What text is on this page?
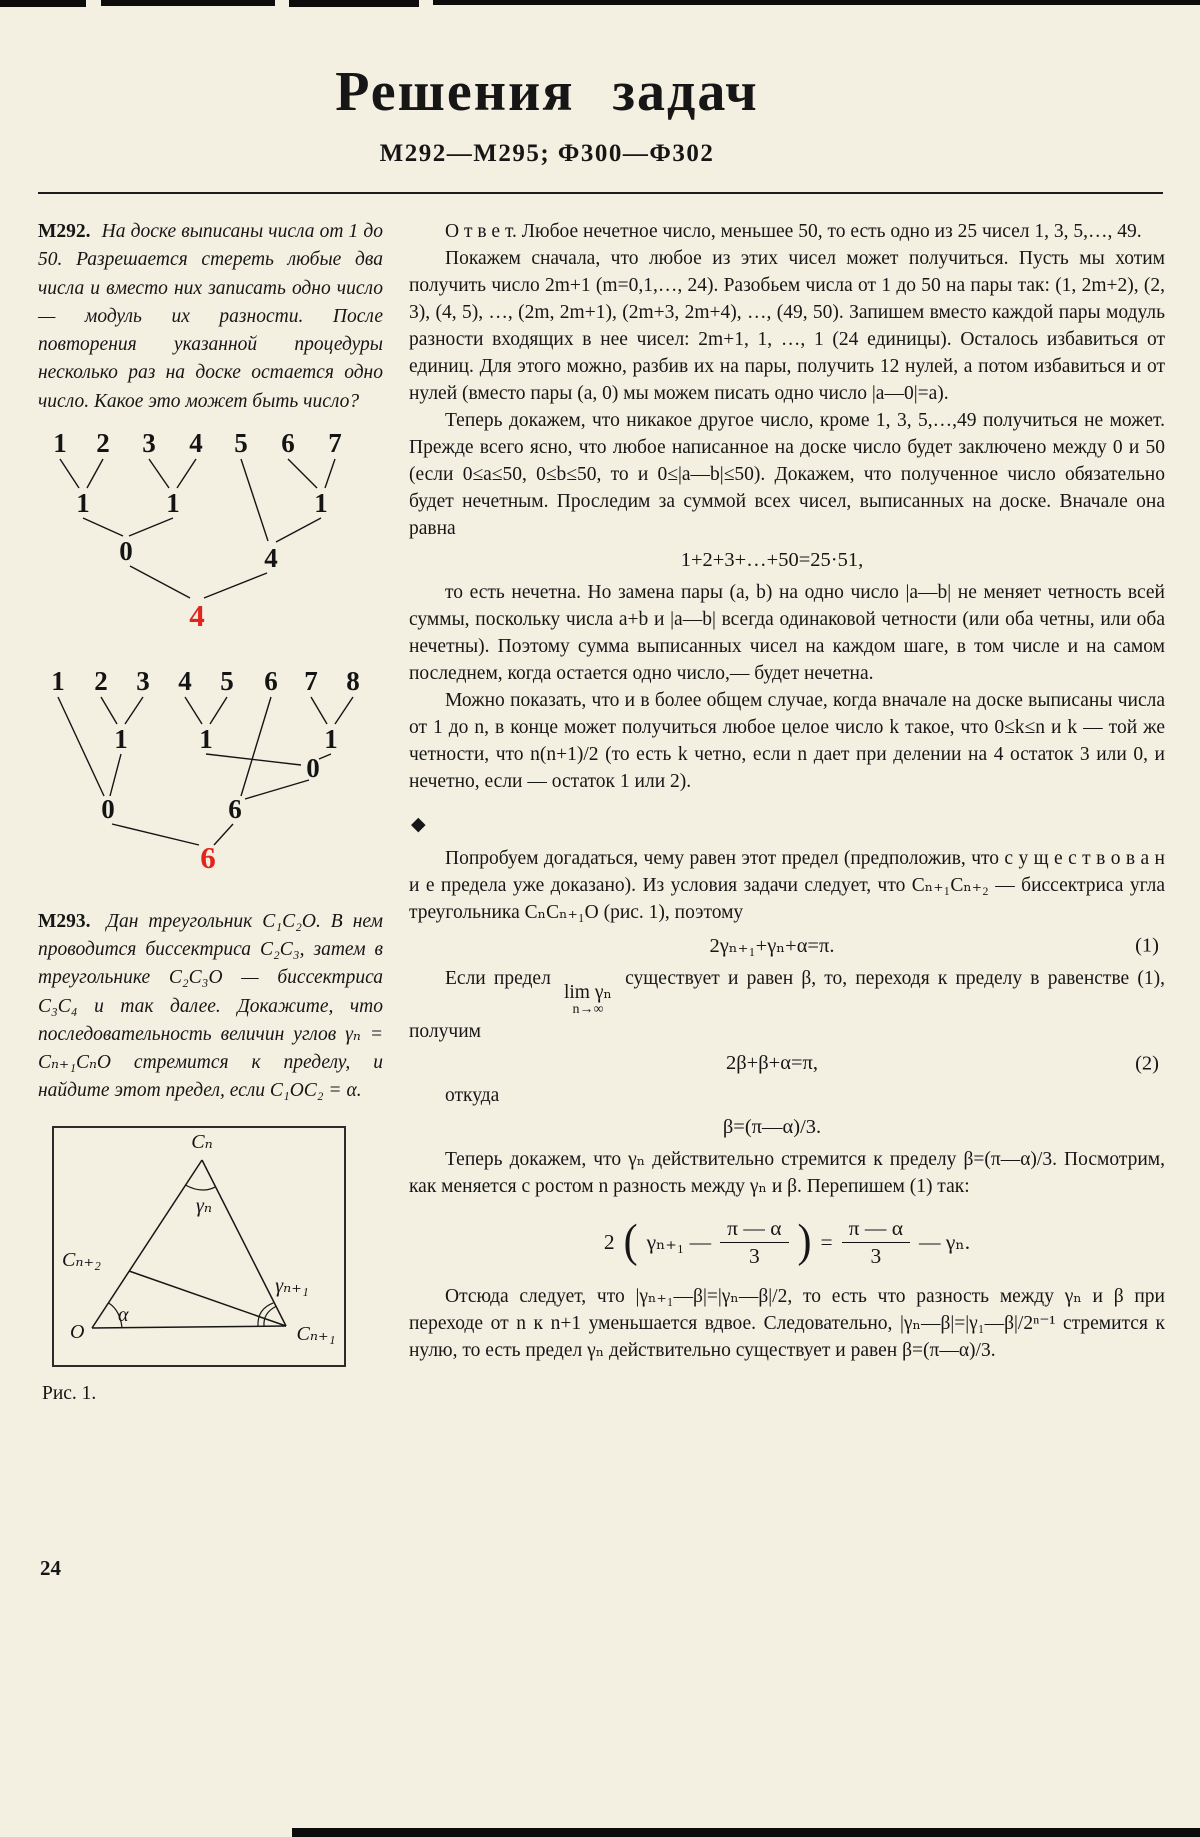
Решения задач
М292—М295; Ф300—Ф302

М292. На доске выписаны числа от 1 до 50. Разрешается стереть любые два числа и вместо них записать одно число — модуль их разности. После повторения указанной процедуры несколько раз на доске остается одно число. Какое это может быть число?

1 2 3 4 5 6 7
1	1	1
0	4
4
1 2 3 4 5 6 7 8
1	1	1
0
0	6
6

М293. Дан треугольник C₁C₂O. В нем проводится биссектриса C₂C₃, затем в треугольнике C₂C₃O — биссектриса C₃C₄ и так далее. Докажите, что последовательность величин углов γₙ = Cₙ₊₁CₙO стремится к пределу, и найдите этот предел, если C₁OC₂ = α.

Cₙ
Cₙ₊₂
O	Cₙ₊₁
γₙ
α
γₙ₊₁
Рис. 1.

О т в е т. Любое нечетное число, меньшее 50, то есть одно из 25 чисел 1, 3, 5,…, 49.

Покажем сначала, что любое из этих чисел может получиться. Пусть мы хотим получить число 2m+1 (m=0,1,…, 24). Разобьем числа от 1 до 50 на пары так: (1, 2m+2), (2, 3), (4, 5), …, (2m, 2m+1), (2m+3, 2m+4), …, (49, 50). Запишем вместо каждой пары модуль разности входящих в нее чисел: 2m+1, 1, …, 1 (24 единицы). Осталось избавиться от единиц. Для этого можно, разбив их на пары, получить 12 нулей, а потом избавиться и от нулей (вместо пары (a, 0) мы можем писать одно число |a—0|=a).

Теперь докажем, что никакое другое число, кроме 1, 3, 5,…,49 получиться не может. Прежде всего ясно, что любое написанное на доске число будет заключено между 0 и 50 (если 0≤a≤50, 0≤b≤50, то и 0≤|a—b|≤50). Докажем, что полученное число обязательно будет нечетным. Проследим за суммой всех чисел, выписанных на доске. Вначале она равна

1+2+3+…+50=25·51,

то есть нечетна. Но замена пары (a, b) на одно число |a—b| не меняет четность всей суммы, поскольку числа a+b и |a—b| всегда одинаковой четности (или оба четны, или оба нечетны). Поэтому сумма выписанных чисел на каждом шаге, в том числе и на самом последнем, когда остается одно число,— будет нечетна.

Можно показать, что и в более общем случае, когда вначале на доске выписаны числа от 1 до n, в конце может получиться любое целое число k такое, что 0≤k≤n и k — той же четности, что n(n+1)/2 (то есть k четно, если n дает при делении на 4 остаток 3 или 0, и нечетно, если — остаток 1 или 2).

◆

Попробуем догадаться, чему равен этот предел (предположив, что с у щ е с т в о в а н и е предела уже доказано). Из условия задачи следует, что Cₙ₊₁Cₙ₊₂ — биссектриса угла треугольника CₙCₙ₊₁O (рис. 1), поэтому

2γₙ₊₁+γₙ+α=π.	(1)

Если предел
lim γₙ
n→∞
существует и равен β, то, переходя к пределу в равенстве (1), получим

2β+β+α=π,	(2)

откуда

β=(π—α)/3.

Теперь докажем, что γₙ действительно стремится к пределу β=(π—α)/3. Посмотрим, как меняется с ростом n разность между γₙ и β. Перепишем (1) так:

2 ( γₙ₊₁ — $\frac{\pi — \alpha}{3}$ ) = $\frac{\pi — \alpha}{3}$ — γₙ.

Отсюда следует, что |γₙ₊₁—β|=|γₙ—β|/2, то есть что разность между γₙ и β при переходе от n к n+1 уменьшается вдвое. Следовательно, |γₙ—β|=|γ₁—β|/2ⁿ⁻¹ стремится к нулю, то есть предел γₙ действительно существует и равен β=(π—α)/3.

24
